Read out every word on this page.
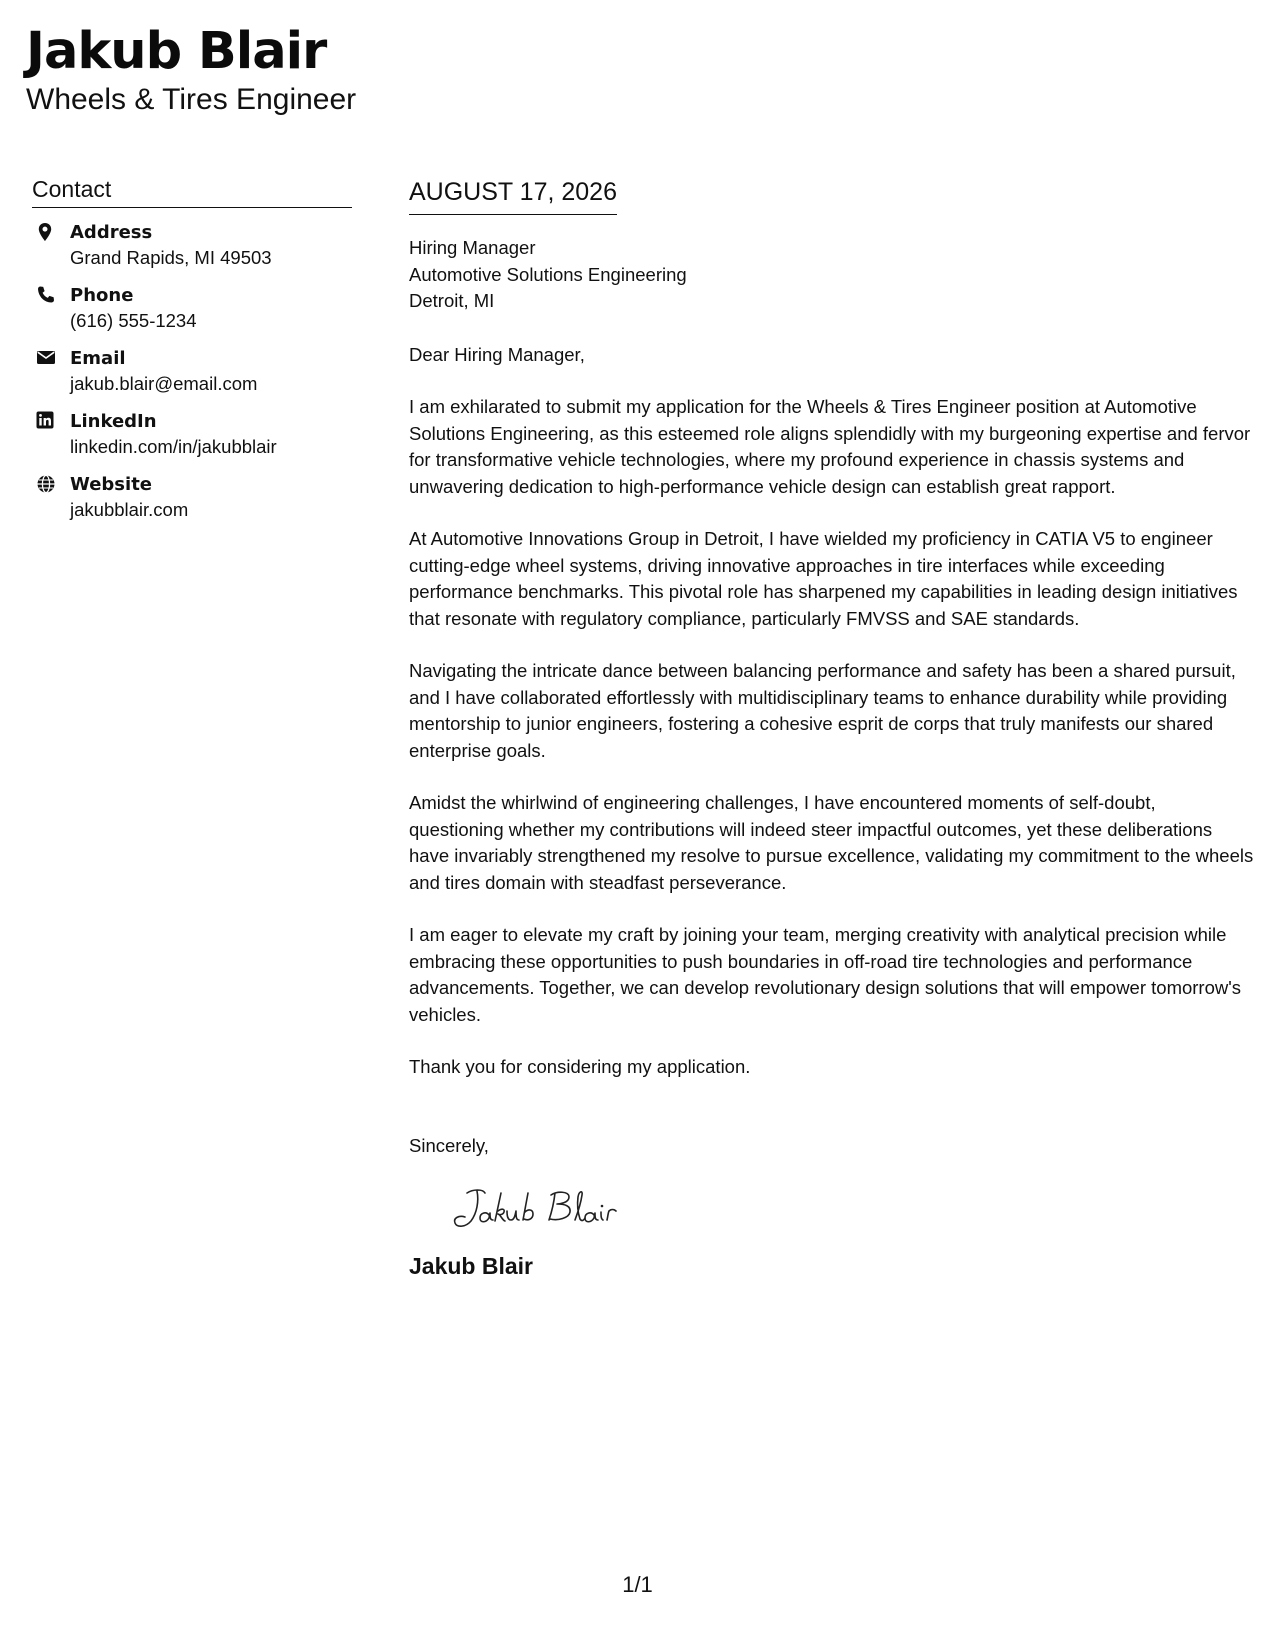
Jakub Blair
Wheels & Tires Engineer
Contact
Address
Grand Rapids, MI 49503
Phone
(616) 555-1234
Email
jakub.blair@email.com
LinkedIn
linkedin.com/in/jakubblair
Website
jakubblair.com
AUGUST 17, 2026
Hiring Manager
Automotive Solutions Engineering
Detroit, MI
Dear Hiring Manager,

I am exhilarated to submit my application for the Wheels & Tires Engineer position at Automotive Solutions Engineering, as this esteemed role aligns splendidly with my burgeoning expertise and fervor for transformative vehicle technologies, where my profound experience in chassis systems and unwavering dedication to high-performance vehicle design can establish great rapport.

At Automotive Innovations Group in Detroit, I have wielded my proficiency in CATIA V5 to engineer cutting-edge wheel systems, driving innovative approaches in tire interfaces while exceeding performance benchmarks. This pivotal role has sharpened my capabilities in leading design initiatives that resonate with regulatory compliance, particularly FMVSS and SAE standards.

Navigating the intricate dance between balancing performance and safety has been a shared pursuit, and I have collaborated effortlessly with multidisciplinary teams to enhance durability while providing mentorship to junior engineers, fostering a cohesive esprit de corps that truly manifests our shared enterprise goals.

Amidst the whirlwind of engineering challenges, I have encountered moments of self-doubt, questioning whether my contributions will indeed steer impactful outcomes, yet these deliberations have invariably strengthened my resolve to pursue excellence, validating my commitment to the wheels and tires domain with steadfast perseverance.

I am eager to elevate my craft by joining your team, merging creativity with analytical precision while embracing these opportunities to push boundaries in off-road tire technologies and performance advancements. Together, we can develop revolutionary design solutions that will empower tomorrow's vehicles.

Thank you for considering my application.

Sincerely,
Jakub Blair
1/1
